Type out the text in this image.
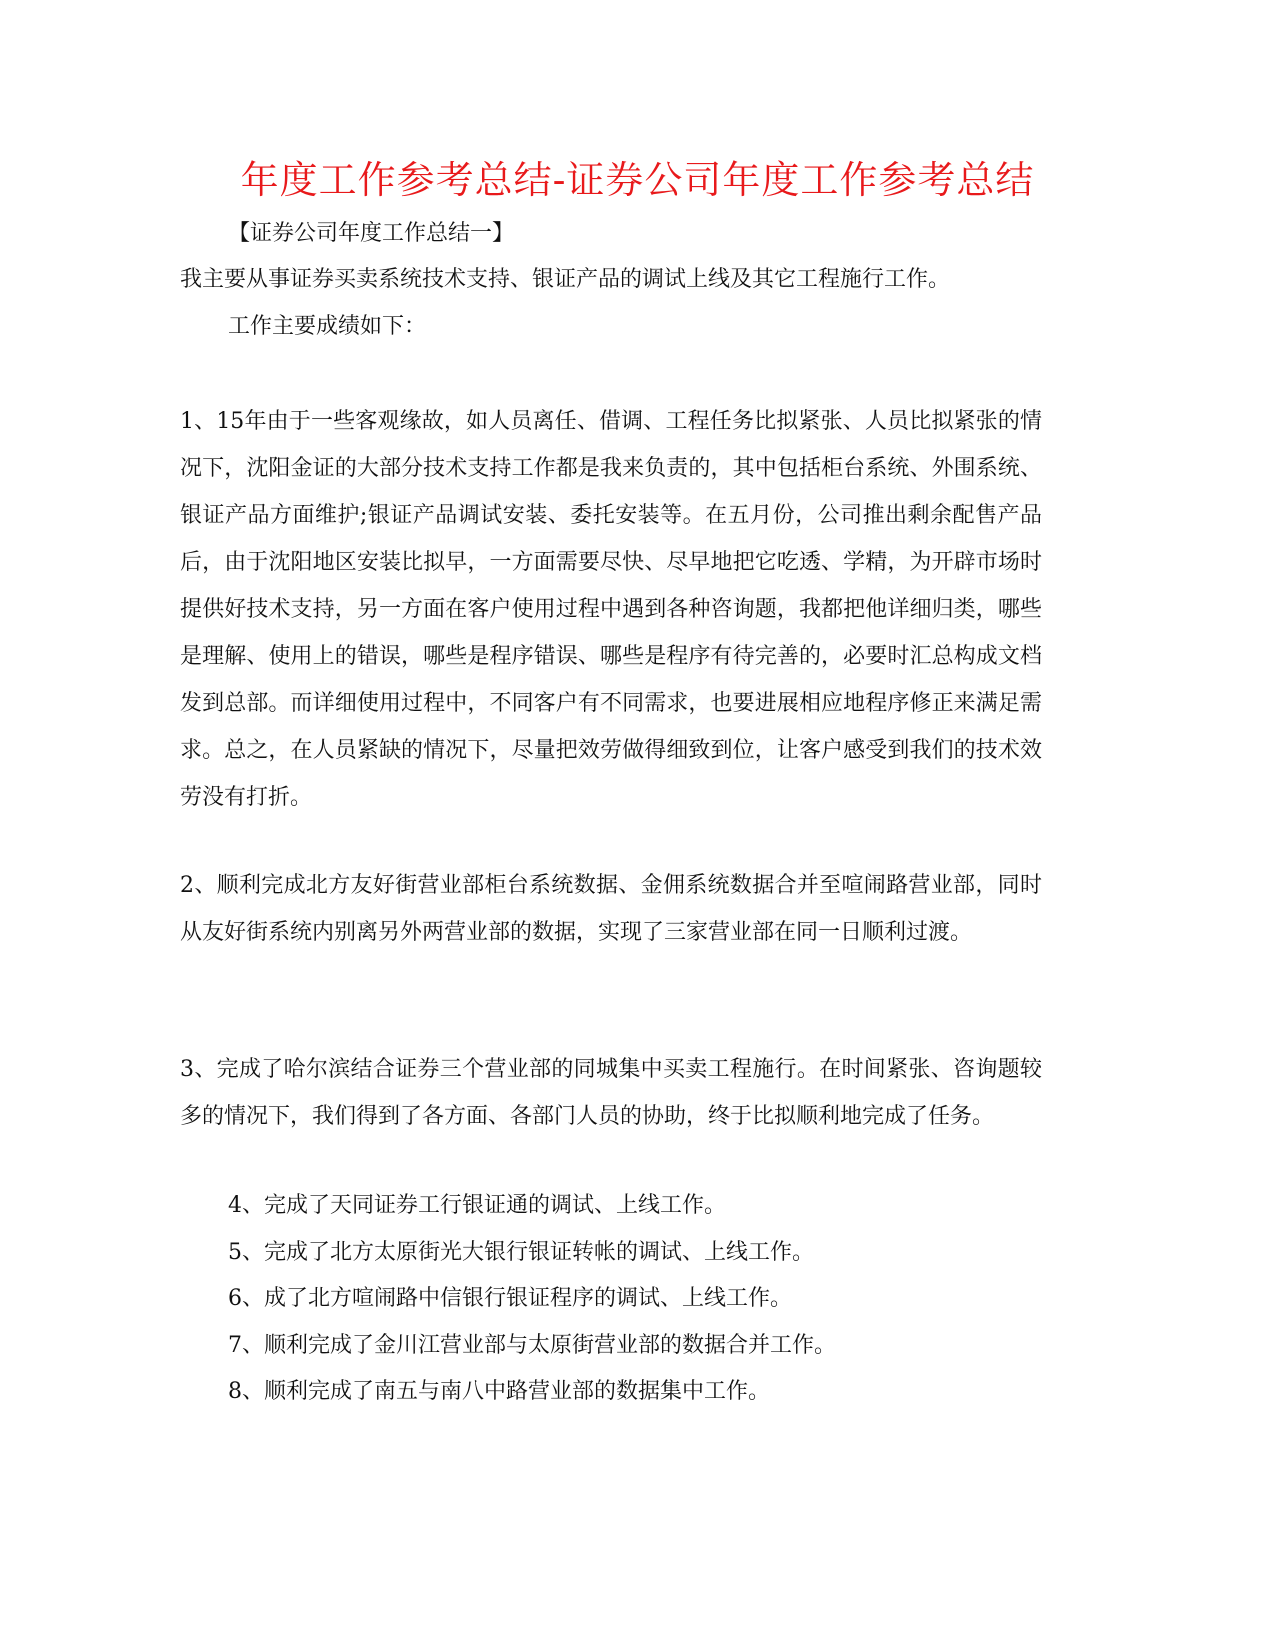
年度工作参考总结-证券公司年度工作参考总结
【证券公司年度工作总结一】
我主要从事证券买卖系统技术支持、银证产品的调试上线及其它工程施行工作。
工作主要成绩如下：
1、15年由于一些客观缘故，如人员离任、借调、工程任务比拟紧张、人员比拟紧张的情况下，沈阳金证的大部分技术支持工作都是我来负责的，其中包括柜台系统、外围系统、银证产品方面维护;银证产品调试安装、委托安装等。在五月份，公司推出剩余配售产品后，由于沈阳地区安装比拟早，一方面需要尽快、尽早地把它吃透、学精，为开辟市场时提供好技术支持，另一方面在客户使用过程中遇到各种咨询题，我都把他详细归类，哪些是理解、使用上的错误，哪些是程序错误、哪些是程序有待完善的，必要时汇总构成文档发到总部。而详细使用过程中，不同客户有不同需求，也要进展相应地程序修正来满足需求。总之，在人员紧缺的情况下，尽量把效劳做得细致到位，让客户感受到我们的技术效劳没有打折。
2、顺利完成北方友好街营业部柜台系统数据、金佣系统数据合并至喧闹路营业部，同时从友好街系统内别离另外两营业部的数据，实现了三家营业部在同一日顺利过渡。
3、完成了哈尔滨结合证券三个营业部的同城集中买卖工程施行。在时间紧张、咨询题较多的情况下，我们得到了各方面、各部门人员的协助，终于比拟顺利地完成了任务。
4、完成了天同证券工行银证通的调试、上线工作。
5、完成了北方太原街光大银行银证转帐的调试、上线工作。
6、成了北方喧闹路中信银行银证程序的调试、上线工作。
7、顺利完成了金川江营业部与太原街营业部的数据合并工作。
8、顺利完成了南五与南八中路营业部的数据集中工作。
